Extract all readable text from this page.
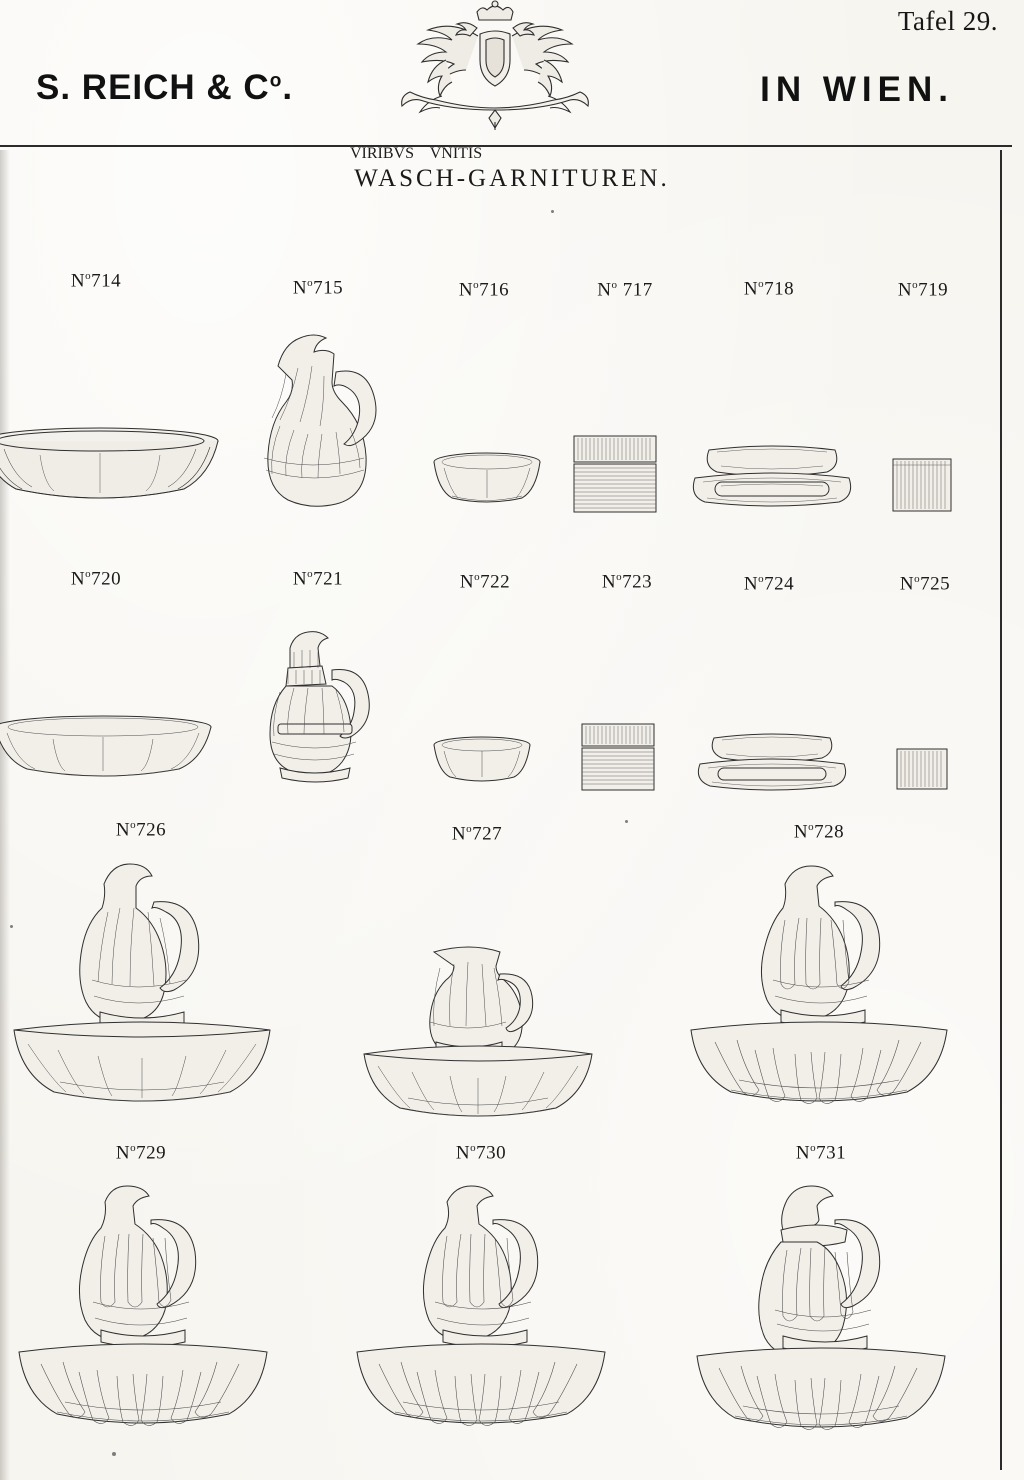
Tafel 29.
S. REICH & $C^o$.	IN WIEN.
VIRIBVS    VNITIS
WASCH-GARNITUREN.
$N^o714$	$N^o715$	$N^o716$	$N^o$ 717	$N^o718$	$N^o719$
$N^o720$	$N^o721$	$N^o722$	$N^o723$	$N^o724$	$N^o725$
$N^o726$	$N^o727$	$N^o728$
$N^o729$	$N^o730$	$N^o731$
